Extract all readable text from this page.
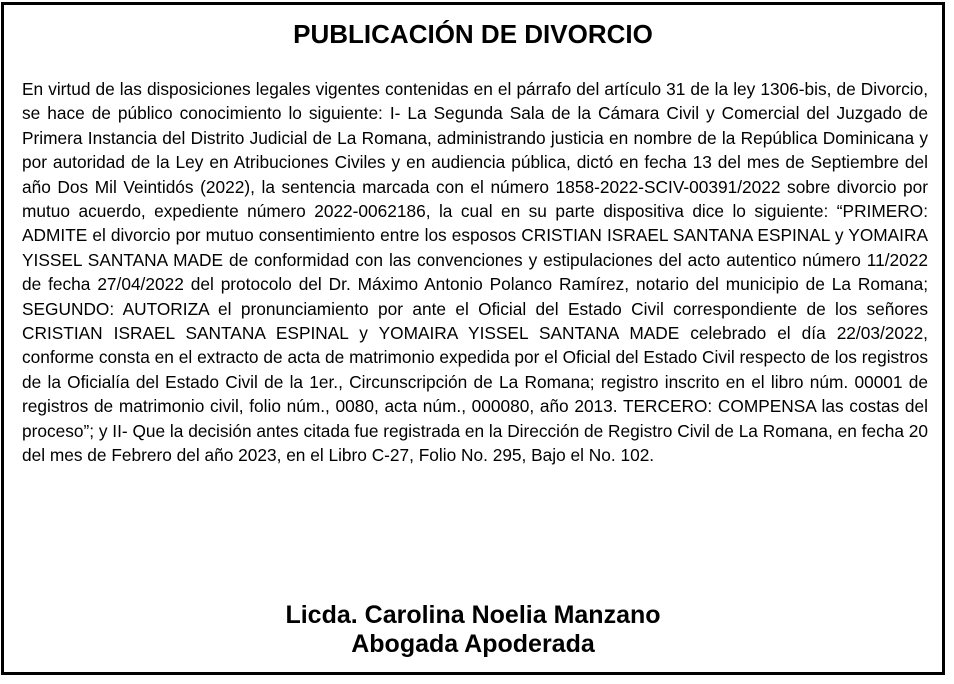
PUBLICACIÓN DE DIVORCIO

En virtud de las disposiciones legales vigentes contenidas en el párrafo del artículo 31 de la ley 1306-bis, de Divorcio, se hace de público conocimiento lo siguiente: I- La Segunda Sala de la Cámara Civil y Comercial del Juzgado de Primera Instancia del Distrito Judicial de La Romana, administrando justicia en nombre de la República Dominicana y por autoridad de la Ley en Atribuciones Civiles y en audiencia pública, dictó en fecha 13 del mes de Septiembre del año Dos Mil Veintidós (2022), la sentencia marcada con el número 1858-2022-SCIV-00391/2022 sobre divorcio por mutuo acuerdo, expediente número 2022-0062186, la cual en su parte dispositiva dice lo siguiente: “PRIMERO: ADMITE el divorcio por mutuo consentimiento entre los esposos CRISTIAN ISRAEL SANTANA ESPINAL y YOMAIRA YISSEL SANTANA MADE de conformidad con las convenciones y estipulaciones del acto autentico número 11/2022 de fecha 27/04/2022 del protocolo del Dr. Máximo Antonio Polanco Ramírez, notario del municipio de La Romana; SEGUNDO: AUTORIZA el pronunciamiento por ante el Oficial del Estado Civil correspondiente de los señores CRISTIAN ISRAEL SANTANA ESPINAL y YOMAIRA YISSEL SANTANA MADE celebrado el día 22/03/2022, conforme consta en el extracto de acta de matrimonio expedida por el Oficial del Estado Civil respecto de los registros de la Oficialía del Estado Civil de la 1er., Circunscripción de La Romana; registro inscrito en el libro núm. 00001 de registros de matrimonio civil, folio núm., 0080, acta núm., 000080, año 2013. TERCERO: COMPENSA las costas del proceso”; y II- Que la decisión antes citada fue registrada en la Dirección de Registro Civil de La Romana, en fecha 20 del mes de Febrero del año 2023, en el Libro C-27, Folio No. 295, Bajo el No. 102.

Licda. Carolina Noelia Manzano
Abogada Apoderada
